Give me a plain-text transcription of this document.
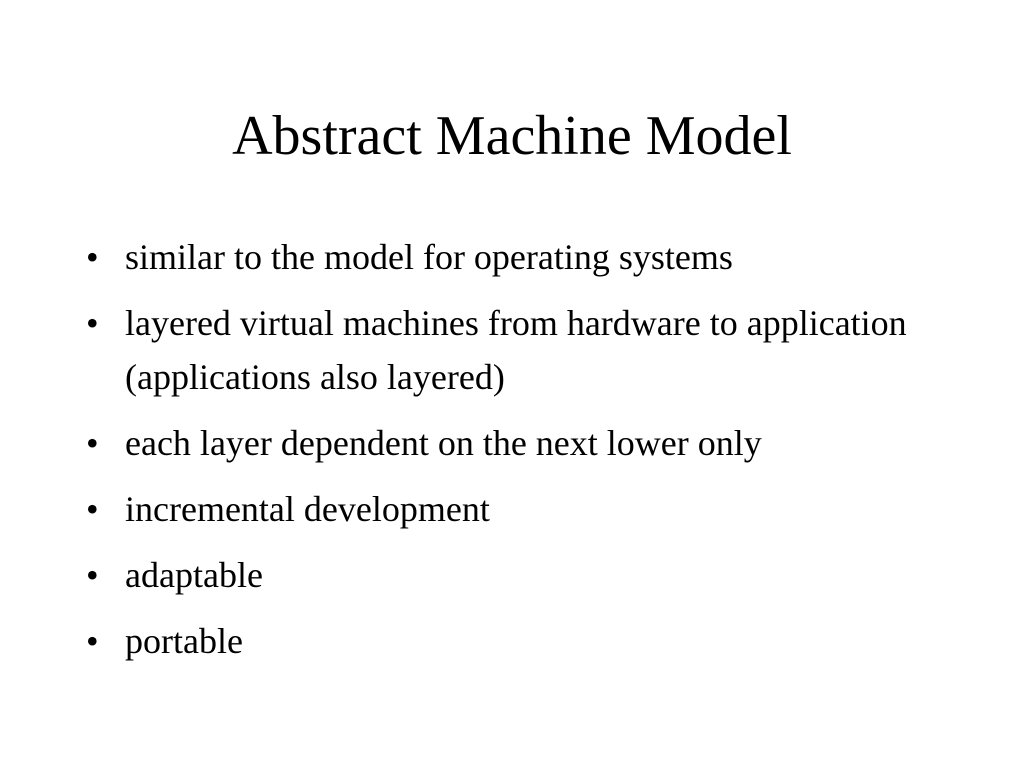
Abstract Machine Model
• similar to the model for operating systems
• layered virtual machines from hardware to application (applications also layered)
• each layer dependent on the next lower only
• incremental development
• adaptable
• portable
